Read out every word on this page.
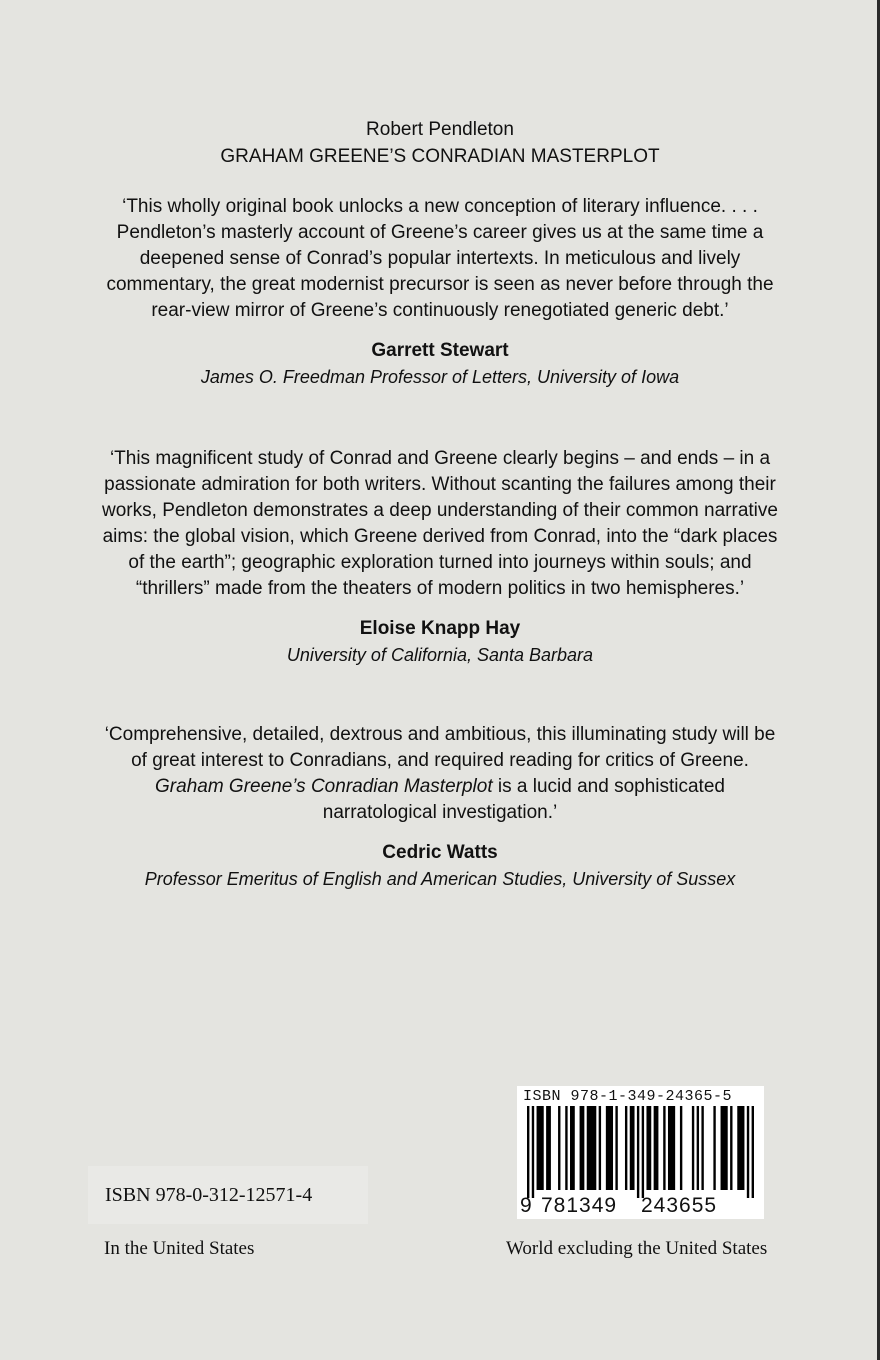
Robert Pendleton
GRAHAM GREENE’S CONRADIAN MASTERPLOT

‘This wholly original book unlocks a new conception of literary influence. . . . Pendleton’s masterly account of Greene’s career gives us at the same time a deepened sense of Conrad’s popular intertexts. In meticulous and lively commentary, the great modernist precursor is seen as never before through the rear-view mirror of Greene’s continuously renegotiated generic debt.’

Garrett Stewart
James O. Freedman Professor of Letters, University of Iowa

‘This magnificent study of Conrad and Greene clearly begins – and ends – in a passionate admiration for both writers. Without scanting the failures among their works, Pendleton demonstrates a deep understanding of their common narrative aims: the global vision, which Greene derived from Conrad, into the “dark places of the earth”; geographic exploration turned into journeys within souls; and “thrillers” made from the theaters of modern politics in two hemispheres.’

Eloise Knapp Hay
University of California, Santa Barbara

‘Comprehensive, detailed, dextrous and ambitious, this illuminating study will be of great interest to Conradians, and required reading for critics of Greene. Graham Greene’s Conradian Masterplot is a lucid and sophisticated narratological investigation.’

Cedric Watts
Professor Emeritus of English and American Studies, University of Sussex
ISBN 978-0-312-12571-4
In the United States
ISBN 978-1-349-24365-5
9 781349 243655
World excluding the United States
